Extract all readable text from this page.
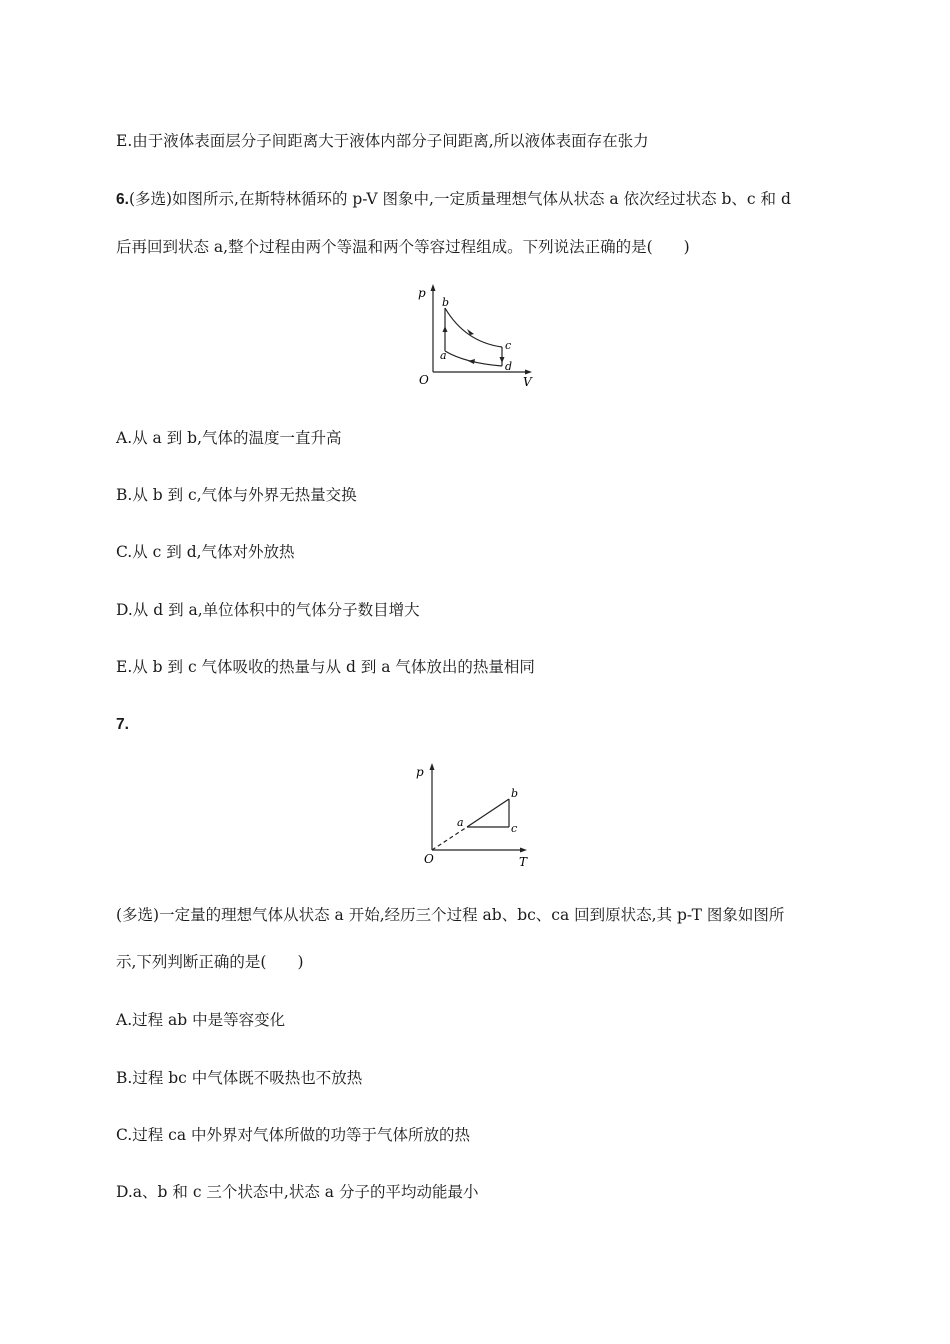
E.由于液体表面层分子间距离大于液体内部分子间距离,所以液体表面存在张力
6.(多选)如图所示,在斯特林循环的 p-V 图象中,一定质量理想气体从状态 a 依次经过状态 b、c 和 d
后再回到状态 a,整个过程由两个等温和两个等容过程组成。下列说法正确的是(　　)
p
V
O
a
b
c
d
A.从 a 到 b,气体的温度一直升高
B.从 b 到 c,气体与外界无热量交换
C.从 c 到 d,气体对外放热
D.从 d 到 a,单位体积中的气体分子数目增大
E.从 b 到 c 气体吸收的热量与从 d 到 a 气体放出的热量相同
7.
p
T
O
a
b
c
(多选)一定量的理想气体从状态 a 开始,经历三个过程 ab、bc、ca 回到原状态,其 p-T 图象如图所
示,下列判断正确的是(　　)
A.过程 ab 中是等容变化
B.过程 bc 中气体既不吸热也不放热
C.过程 ca 中外界对气体所做的功等于气体所放的热
D.a、b 和 c 三个状态中,状态 a 分子的平均动能最小
